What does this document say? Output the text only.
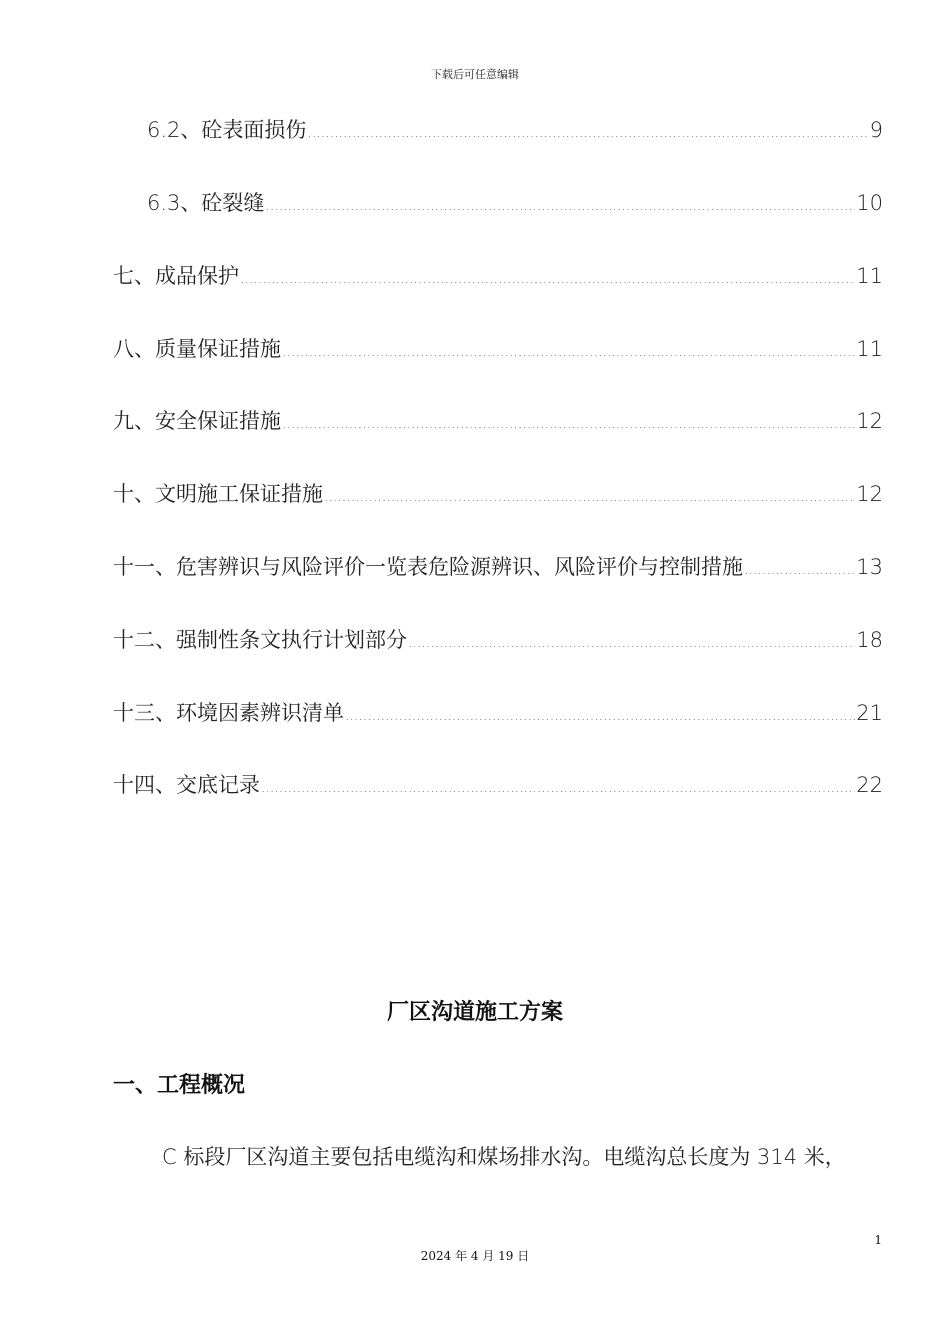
下载后可任意编辑
6.2、砼表面损伤 .....	9
6.3、砼裂缝 .....	10
七、成品保护 .....	11
八、质量保证措施 .....	11
九、安全保证措施 .....	12
十、文明施工保证措施 .....	12
十一、危害辨识与风险评价一览表危险源辨识、风险评价与控制措施 .....	13
十二、强制性条文执行计划部分 .....	18
十三、环境因素辨识清单 .....	21
十四、交底记录 .....	22
厂区沟道施工方案
一、工程概况
C 标段厂区沟道主要包括电缆沟和煤场排水沟。电缆沟总长度为 314 米，
1
2024 年 4 月 19 日
